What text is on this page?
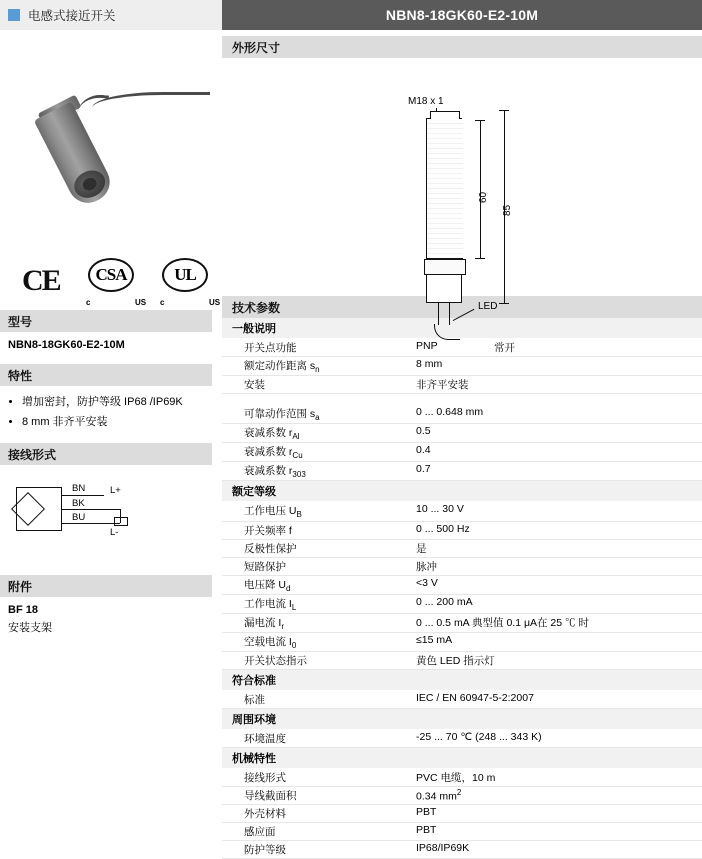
电感式接近开关	NBN8-18GK60-E2-10M
CE CSA
c	US
UL
c	US
型号

NBN8-18GK60-E2-10M

特性
• 增加密封，防护等级 IP68 /IP69K
• 8 mm 非齐平安装
接线形式
BN
BK
BU
L+
L-
附件

BF 18

安装支架

外形尺寸
M18 x 1
60
85
LED
技术参数
一般说明
开关点功能	PNP	常开
额定动作距离 $s_n$	8 mm
安装	非齐平安装
可靠动作范围 $s_a$	0 ... 0.648 mm
衰减系数 $r_{Al}$	0.5
衰减系数 $r_{Cu}$	0.4
衰减系数 $r_{303}$	0.7
额定等级
工作电压 $U_B$	10 ... 30 V
开关频率 f	0 ... 500 Hz
反极性保护	是
短路保护	脉冲
电压降 $U_d$	<3 V
工作电流 $I_L$	0 ... 200 mA
漏电流 $I_r$	0 ... 0.5 mA 典型值 0.1 μA在 25 ℃ 时
空载电流 $I_0$	≤15 mA
开关状态指示	黄色 LED 指示灯
符合标准
标准	IEC / EN 60947-5-2:2007
周围环境
环境温度	-25 ... 70 ℃ (248 ... 343 K)
机械特性
接线形式	PVC 电缆，10 m
导线截面积	0.34 $mm^2$
外壳材料	PBT
感应面	PBT
防护等级	IP68/IP69K
